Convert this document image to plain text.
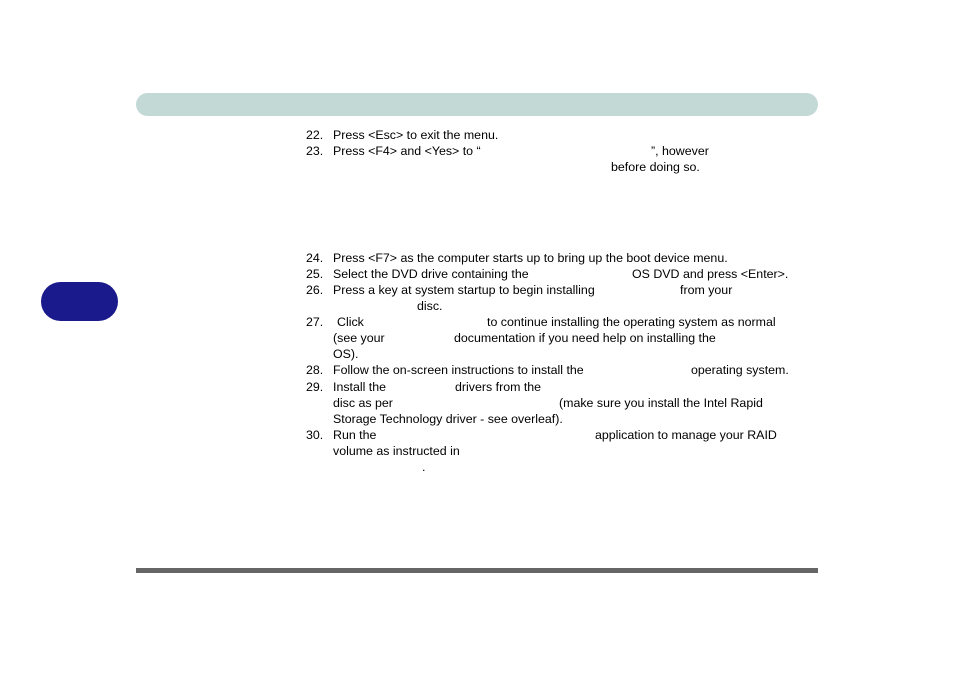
22. Press <Esc> to exit the menu.
23. Press <F4> and <Yes> to “	”, however
before doing so.
24. Press <F7> as the computer starts up to bring up the boot device menu.
25. Select the DVD drive containing the	OS DVD and press <Enter>.
26. Press a key at system startup to begin installing	from your
disc.
27. Click	to continue installing the operating system as normal
(see your	documentation if you need help on installing the
OS).
28. Follow the on-screen instructions to install the	operating system.
29. Install the	drivers from the
disc as per	(make sure you install the Intel Rapid
Storage Technology driver - see overleaf).
30. Run the	application to manage your RAID
volume as instructed in
.
